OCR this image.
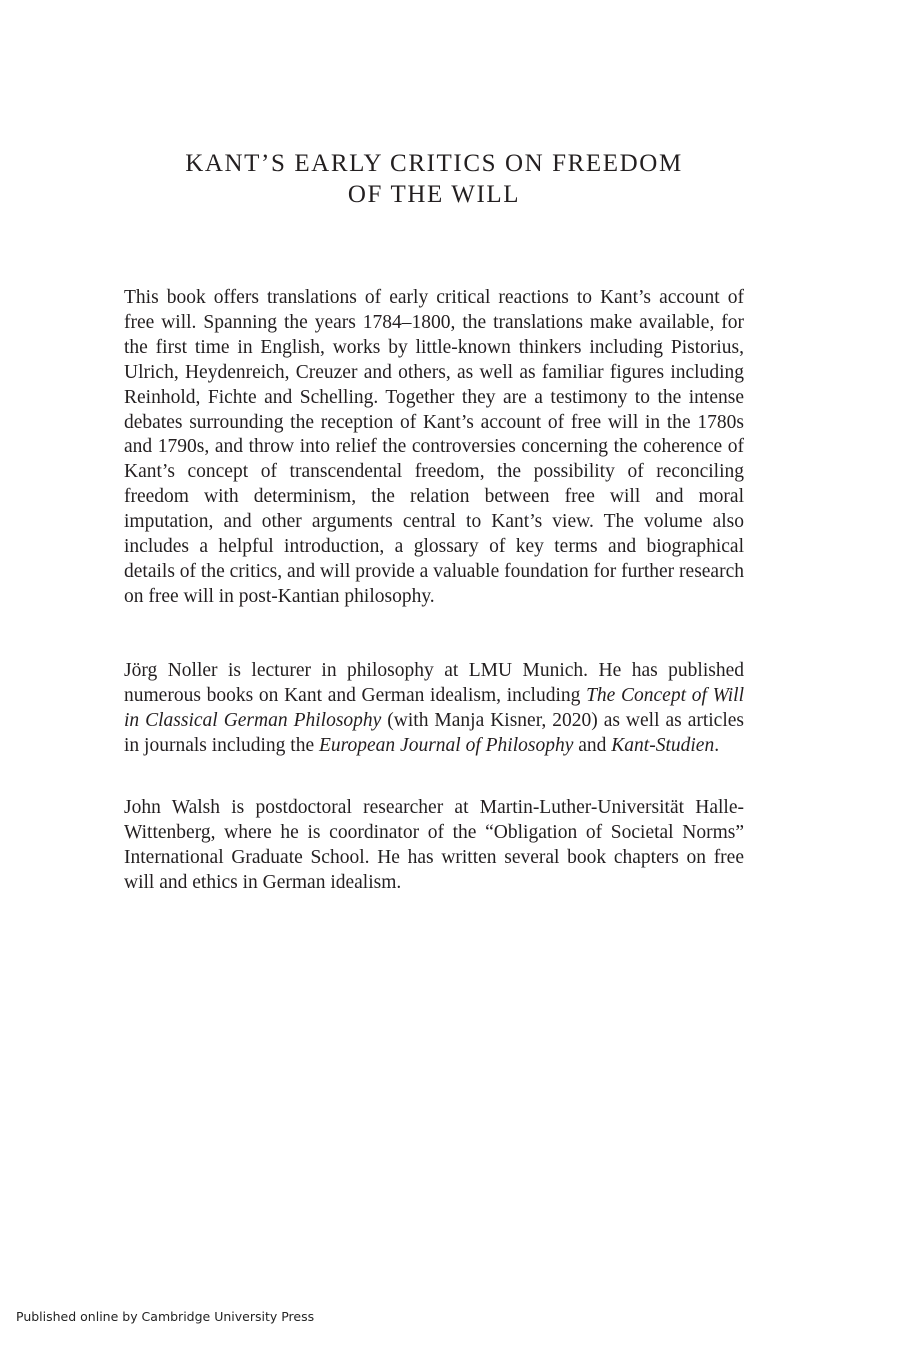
KANT’S EARLY CRITICS ON FREEDOM
OF THE WILL

This book offers translations of early critical reactions to Kant’s account of free will. Spanning the years 1784–1800, the translations make available, for the first time in English, works by little-known thinkers including Pistorius, Ulrich, Heydenreich, Creuzer and others, as well as familiar figures including Reinhold, Fichte and Schelling. Together they are a testimony to the intense debates surrounding the reception of Kant’s account of free will in the 1780s and 1790s, and throw into relief the controversies concerning the coherence of Kant’s concept of transcendental freedom, the possibility of reconciling freedom with determinism, the relation between free will and moral imputation, and other arguments central to Kant’s view. The volume also includes a helpful introduction, a glossary of key terms and biographical details of the critics, and will provide a valuable foundation for further research on free will in post-Kantian philosophy.

Jörg Noller is lecturer in philosophy at LMU Munich. He has published numerous books on Kant and German idealism, including The Concept of Will in Classical German Philosophy (with Manja Kisner, 2020) as well as articles in journals including the European Journal of Philosophy and Kant-Studien.

John Walsh is postdoctoral researcher at Martin-Luther-Universität Halle-Wittenberg, where he is coordinator of the “Obligation of Societal Norms” International Graduate School. He has written several book chapters on free will and ethics in German idealism.

Published online by Cambridge University Press
